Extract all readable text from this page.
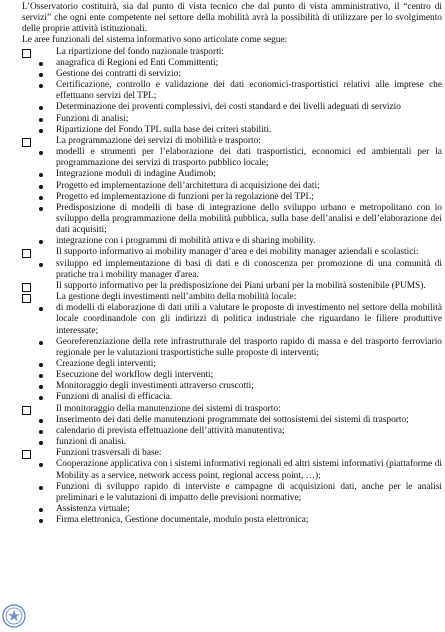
L’Osservatorio costituirà, sia dal punto di vista tecnico che dal punto di vista amministrativo, il “centro di servizi” che ogni ente competente nel settore della mobilità avrà la possibilità di utilizzare per lo svolgimento delle proprie attività istituzionali.

Le aree funzionali del sistema informativo sono articolate come segue:

La ripartizione del fondo nazionale trasporti:

anagrafica di Regioni ed Enti Committenti;
Gestione dei contratti di servizio;
Certificazione, controllo e validazione dei dati economici-trasportistici relativi alle imprese che effettuano servizi del TPL;
Determinazione dei proventi complessivi, dei costi standard e dei livelli adeguati di servizio
Funzioni di analisi;
Ripartizione del Fondo TPL sulla base dei criteri stabiliti.

La programmazione dei servizi di mobilità e trasporto:

modelli e strumenti per l’elaborazione dei dati trasportistici, economici ed ambientali per la programmazione dei servizi di trasporto pubblico locale;
Integrazione moduli di indagine Audimob;
Progetto ed implementazione dell’architettura di acquisizione dei dati;
Progetto ed implementazione di funzioni per la regolazione del TPL;
Predisposizione di modelli di base di integrazione dello sviluppo urbano e metropolitano con lo sviluppo della programmazione della mobilità pubblica, sulla base dell’analisi e dell’elaborazione dei dati acquisiti;
integrazione con i programmi di mobilità attiva e di sharing mobility.

Il supporto informativo ai mobility manager d’area e dei mobility manager aziendali e scolastici:

sviluppo ed implementazione di basi di dati e di conoscenza per promozione di una comunità di pratiche tra i mobility manager d'area.

Il supporto informativo per la predisposizione dei Piani urbani per la mobilità sostenibile (PUMS).

La gestione degli investimenti nell’ambito della mobilità locale:

di modelli di elaborazione di dati utili a valutare le proposte di investimento nel settore della mobilità locale coordinandole con gli indirizzi di politica industriale che riguardano le filiere produttive interessate;
Georeferenziazione della rete infrastrutturale del trasporto rapido di massa e del trasporto ferroviario regionale per le valutazioni trasportistiche sulle proposte di interventi;
Creazione degli interventi;
Esecuzione del workflow degli interventi;
Monitoraggio degli investimenti attraverso cruscotti;
Funzioni di analisi di efficacia.

Il monitoraggio della manutenzione dei sistemi di trasporto:

Inserimento dei dati delle manutenzioni programmate dei sottosistemi dei sistemi di trasporto;
calendario di prevista effettuazione dell’attività manutentiva;
funzioni di analisi.

Funzioni trasversali di base:

Cooperazione applicativa con i sistemi informativi regionali ed altri sistemi informativi (piattaforme di Mobility as a service, network access point, regional access point, …);
Funzioni di sviluppo rapido di interviste e campagne di acquisizioni dati, anche per le analisi preliminari e le valutazioni di impatto delle previsioni normative;
Assistenza virtuale;
Firma elettronica, Gestione documentale, modulo posta elettronica;
